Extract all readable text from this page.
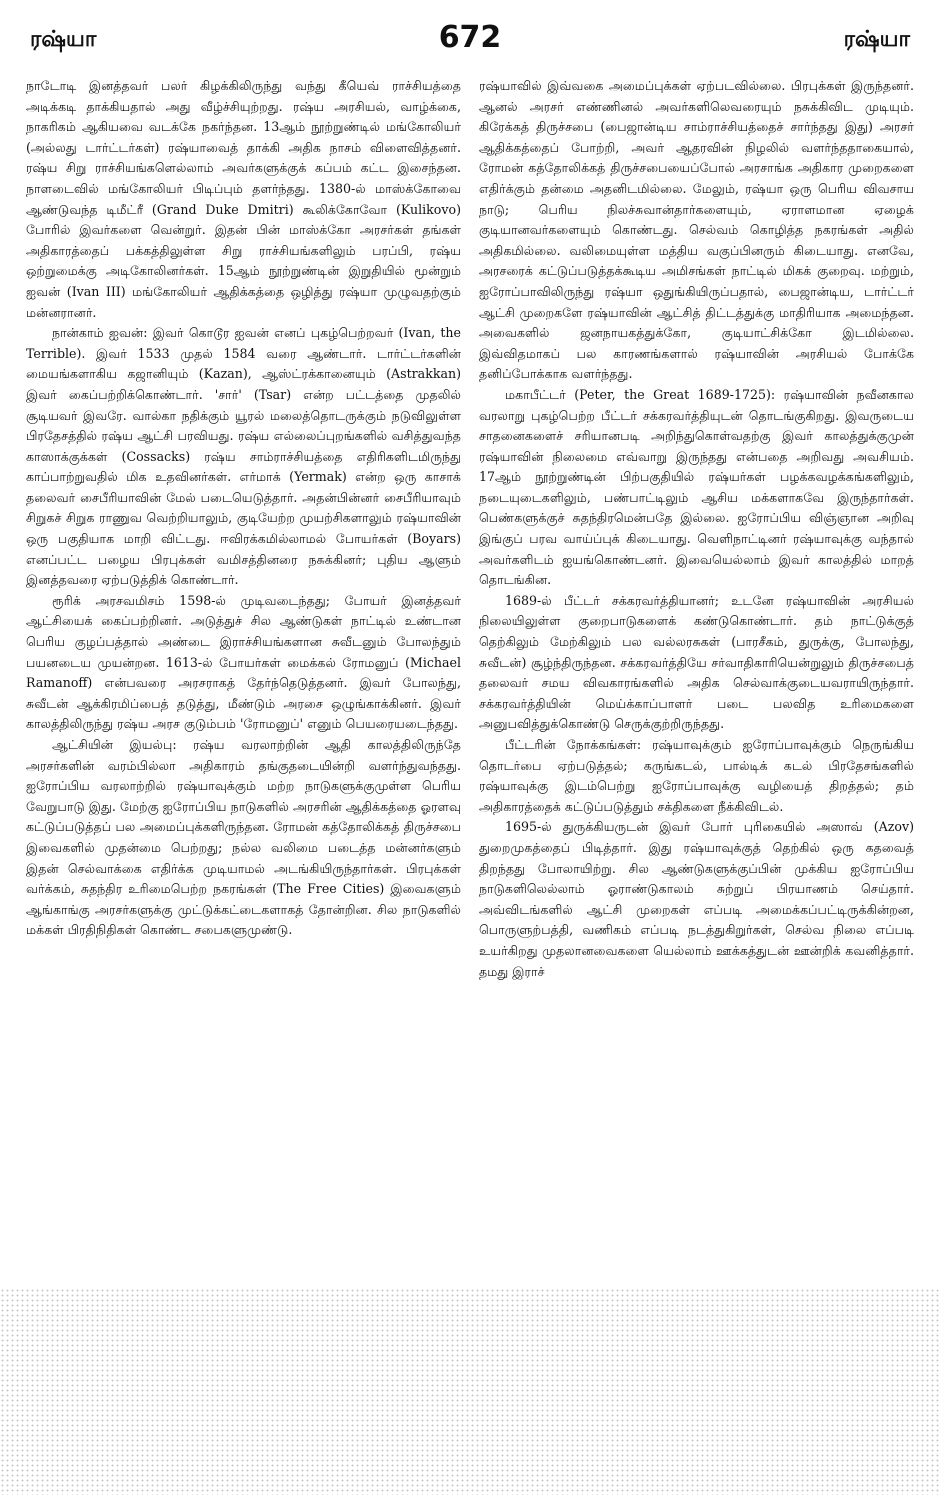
ரஷ்யா	672	ரஷ்யா

நாடோடி இனத்தவர் பலர் கிழக்கிலிருந்து வந்து கீயெவ் ராச்சியத்தை அடிக்கடி தாக்கியதால் அது வீழ்ச்சியுற்றது. ரஷ்ய அரசியல், வாழ்க்கை, நாகரிகம் ஆகியவை வடக்கே நகர்ந்தன. 13ஆம் நூற்றுண்டில் மங்கோலியர் (அல்லது டார்ட்டர்கள்) ரஷ்யாவைத் தாக்கி அதிக நாசம் விளைவித்தனர். ரஷ்ய சிறு ராச்சியங்களெல்லாம் அவர்களுக்குக் கப்பம் கட்ட இசைந்தன. நாளடைவில் மங்கோலியர் பிடிப்பும் தளர்ந்தது. 1380-ல் மாஸ்க்கோவை ஆண்டுவந்த டிமீட்ரீ (Grand Duke Dmitri) கூலிக்கோவோ (Kulikovo) போரில் இவர்களை வென்றுர். இதன் பின் மாஸ்க்கோ அரசர்கள் தங்கள் அதிகாரத்தைப் பக்கத்திலுள்ள சிறு ராச்சியங்களிலும் பரப்பி, ரஷ்ய ஒற்றுமைக்கு அடிகோலினர்கள். 15ஆம் நூற்றுண்டின் இறுதியில் மூன்றும் ஐவன் (Ivan III) மங்கோலியர் ஆதிக்கத்தை ஒழித்து ரஷ்யா முழுவதற்கும் மன்னரானர்.

நான்காம் ஐவன்: இவர் கொடூர ஐவன் எனப் புகழ்பெற்றவர் (Ivan, the Terrible). இவர் 1533 முதல் 1584 வரை ஆண்டார். டார்ட்டர்களின் மையங்களாகிய கஜானியும் (Kazan), ஆஸ்ட்ரக்கானையும் (Astrakkan) இவர் கைப்பற்றிக்கொண்டார். 'சார்' (Tsar) என்ற பட்டத்தை முதலில் சூடியவர் இவரே. வால்கா நதிக்கும் யூரல் மலைத்தொடருக்கும் நடுவிலுள்ள பிரதேசத்தில் ரஷ்ய ஆட்சி பரவியது. ரஷ்ய எல்லைப்புறங்களில் வசித்துவந்த காஸாக்குக்கள் (Cossacks) ரஷ்ய சாம்ராச்சியத்தை எதிரிகளிடமிருந்து காப்பாற்றுவதில் மிக உதவினர்கள். எர்மாக் (Yermak) என்ற ஒரு காசாக் தலைவர் சைபீரியாவின் மேல் படையெடுத்தார். அதன்பின்னர் சைபீரியாவும் சிறுகச் சிறுக ராணுவ வெற்றியாலும், குடியேற்ற முயற்சிகளாலும் ரஷ்யாவின் ஒரு பகுதியாக மாறி விட்டது. ஈவிரக்கமில்லாமல் போயர்கள் (Boyars) எனப்பட்ட பழைய பிரபுக்கள் வமிசத்தினரை நசுக்கினர்; புதிய ஆளும் இனத்தவரை ஏற்படுத்திக் கொண்டார்.

ரூரிக் அரசவமிசம் 1598-ல் முடிவடைந்தது; போயர் இனத்தவர் ஆட்சியைக் கைப்பற்றினர். அடுத்துச் சில ஆண்டுகள் நாட்டில் உண்டான பெரிய குழப்பத்தால் அண்டை இராச்சியங்களான சுவீடனும் போலந்தும் பயனடைய முயன்றன. 1613-ல் போயர்கள் மைக்கல் ரோமனுப் (Michael Ramanoff) என்பவரை அரசராகத் தேர்ந்தெடுத்தனர். இவர் போலந்து, சுவீடன் ஆக்கிரமிப்பைத் தடுத்து, மீண்டும் அரசை ஒழுங்காக்கினர். இவர் காலத்திலிருந்து ரஷ்ய அரச குடும்பம் 'ரோமனுப்' எனும் பெயரையடைந்தது.

ஆட்சியின் இயல்பு: ரஷ்ய வரலாற்றின் ஆதி காலத்திலிருந்தே அரசர்களின் வரம்பில்லா அதிகாரம் தங்குதடையின்றி வளர்ந்துவந்தது. ஐரோப்பிய வரலாற்றில் ரஷ்யாவுக்கும் மற்ற நாடுகளுக்குமுள்ள பெரிய வேறுபாடு இது. மேற்கு ஐரோப்பிய நாடுகளில் அரசரின் ஆதிக்கத்தை ஓரளவு கட்டுப்படுத்தப் பல அமைப்புக்களிருந்தன. ரோமன் கத்தோலிக்கத் திருச்சபை இவைகளில் முதன்மை பெற்றது; நல்ல வலிமை படைத்த மன்னர்களும் இதன் செல்வாக்கை எதிர்க்க முடியாமல் அடங்கியிருந்தார்கள். பிரபுக்கள் வர்க்கம், சுதந்திர உரிமைபெற்ற நகரங்கள் (The Free Cities) இவைகளும் ஆங்காங்கு அரசர்களுக்கு முட்டுக்கட்டைகளாகத் தோன்றின. சில நாடுகளில் மக்கள் பிரதிநிதிகள் கொண்ட சபைகளுமுண்டு.

ரஷ்யாவில் இவ்வகை அமைப்புக்கள் ஏற்படவில்லை. பிரபுக்கள் இருந்தனர். ஆனல் அரசர் எண்ணினல் அவர்களிலெவரையும் நசுக்கிவிட முடியும். கிரேக்கத் திருச்சபை (பைஜான்டிய சாம்ராச்சியத்தைச் சார்ந்தது இது) அரசர் ஆதிக்கத்தைப் போற்றி, அவர் ஆதரவின் நிழலில் வளர்ந்ததாகையால், ரோமன் கத்தோலிக்கத் திருச்சபையைப்போல் அரசாங்க அதிகார முறைகளை எதிர்க்கும் தன்மை அதனிடமில்லை. மேலும், ரஷ்யா ஒரு பெரிய விவசாய நாடு; பெரிய நிலச்சுவான்தார்களையும், ஏராளமான ஏழைக் குடியானவர்களையும் கொண்டது. செல்வம் கொழித்த நகரங்கள் அதில் அதிகமில்லை. வலிமையுள்ள மத்திய வகுப்பினரும் கிடையாது. எனவே, அரசரைக் கட்டுப்படுத்தக்கூடிய அமிசங்கள் நாட்டில் மிகக் குறைவு. மற்றும், ஐரோப்பாவிலிருந்து ரஷ்யா ஒதுங்கியிருப்பதால், பைஜான்டிய, டார்ட்டர் ஆட்சி முறைகளே ரஷ்யாவின் ஆட்சித் திட்டத்துக்கு மாதிரியாக அமைந்தன. அவைகளில் ஜனநாயகத்துக்கோ, குடியாட்சிக்கோ இடமில்லை. இவ்விதமாகப் பல காரணங்களால் ரஷ்யாவின் அரசியல் போக்கே தனிப்போக்காக வளர்ந்தது.

மகாபீட்டர் (Peter, the Great 1689-1725): ரஷ்யாவின் நவீனகால வரலாறு புகழ்பெற்ற பீட்டர் சக்கரவர்த்தியுடன் தொடங்குகிறது. இவருடைய சாதனைகளைச் சரியானபடி அறிந்துகொள்வதற்கு இவர் காலத்துக்குமுன் ரஷ்யாவின் நிலைமை எவ்வாறு இருந்தது என்பதை அறிவது அவசியம். 17ஆம் நூற்றுண்டின் பிற்பகுதியில் ரஷ்யர்கள் பழக்கவழக்கங்களிலும், நடையுடைகளிலும், பண்பாட்டிலும் ஆசிய மக்களாகவே இருந்தார்கள். பெண்களுக்குச் சுதந்திரமென்பதே இல்லை. ஐரோப்பிய விஞ்ஞான அறிவு இங்குப் பரவ வாய்ப்புக் கிடையாது. வெளிநாட்டினர் ரஷ்யாவுக்கு வந்தால் அவர்களிடம் ஐயங்கொண்டனர். இவையெல்லாம் இவர் காலத்தில் மாறத் தொடங்கின.

1689-ல் பீட்டர் சக்கரவர்த்தியானர்; உடனே ரஷ்யாவின் அரசியல் நிலையிலுள்ள குறைபாடுகளைக் கண்டுகொண்டார். தம் நாட்டுக்குத் தெற்கிலும் மேற்கிலும் பல வல்லரசுகள் (பாரசீகம், துருக்கு, போலந்து, சுவீடன்) சூழ்ந்திருந்தன. சக்கரவர்த்தியே சர்வாதிகாரியென்றுலும் திருச்சபைத் தலைவர் சமய விவகாரங்களில் அதிக செல்வாக்குடையவராயிருந்தார். சக்கரவர்த்தியின் மெய்க்காப்பாளர் படை பலவித உரிமைகளை அனுபவித்துக்கொண்டு செருக்குற்றிருந்தது.

பீட்டரின் நோக்கங்கள்: ரஷ்யாவுக்கும் ஐரோப்பாவுக்கும் நெருங்கிய தொடர்பை ஏற்படுத்தல்; கருங்கடல், பால்டிக் கடல் பிரதேசங்களில் ரஷ்யாவுக்கு இடம்பெற்று ஐரோப்பாவுக்கு வழியைத் திறத்தல்; தம் அதிகாரத்தைக் கட்டுப்படுத்தும் சக்திகளை நீக்கிவிடல்.

1695-ல் துருக்கியருடன் இவர் போர் புரிகையில் அஸாவ் (Azov) துறைமுகத்தைப் பிடித்தார். இது ரஷ்யாவுக்குத் தெற்கில் ஒரு கதவைத் திறந்தது போலாயிற்று. சில ஆண்டுகளுக்குப்பின் முக்கிய ஐரோப்பிய நாடுகளிலெல்லாம் ஓராண்டுகாலம் சுற்றுப் பிரயாணம் செய்தார். அவ்விடங்களில் ஆட்சி முறைகள் எப்படி அமைக்கப்பட்டிருக்கின்றன, பொருளுற்பத்தி, வணிகம் எப்படி நடத்துகிறுர்கள், செல்வ நிலை எப்படி உயர்கிறது முதலானவைகளை யெல்லாம் ஊக்கத்துடன் ஊன்றிக் கவனித்தார். தமது இராச்
